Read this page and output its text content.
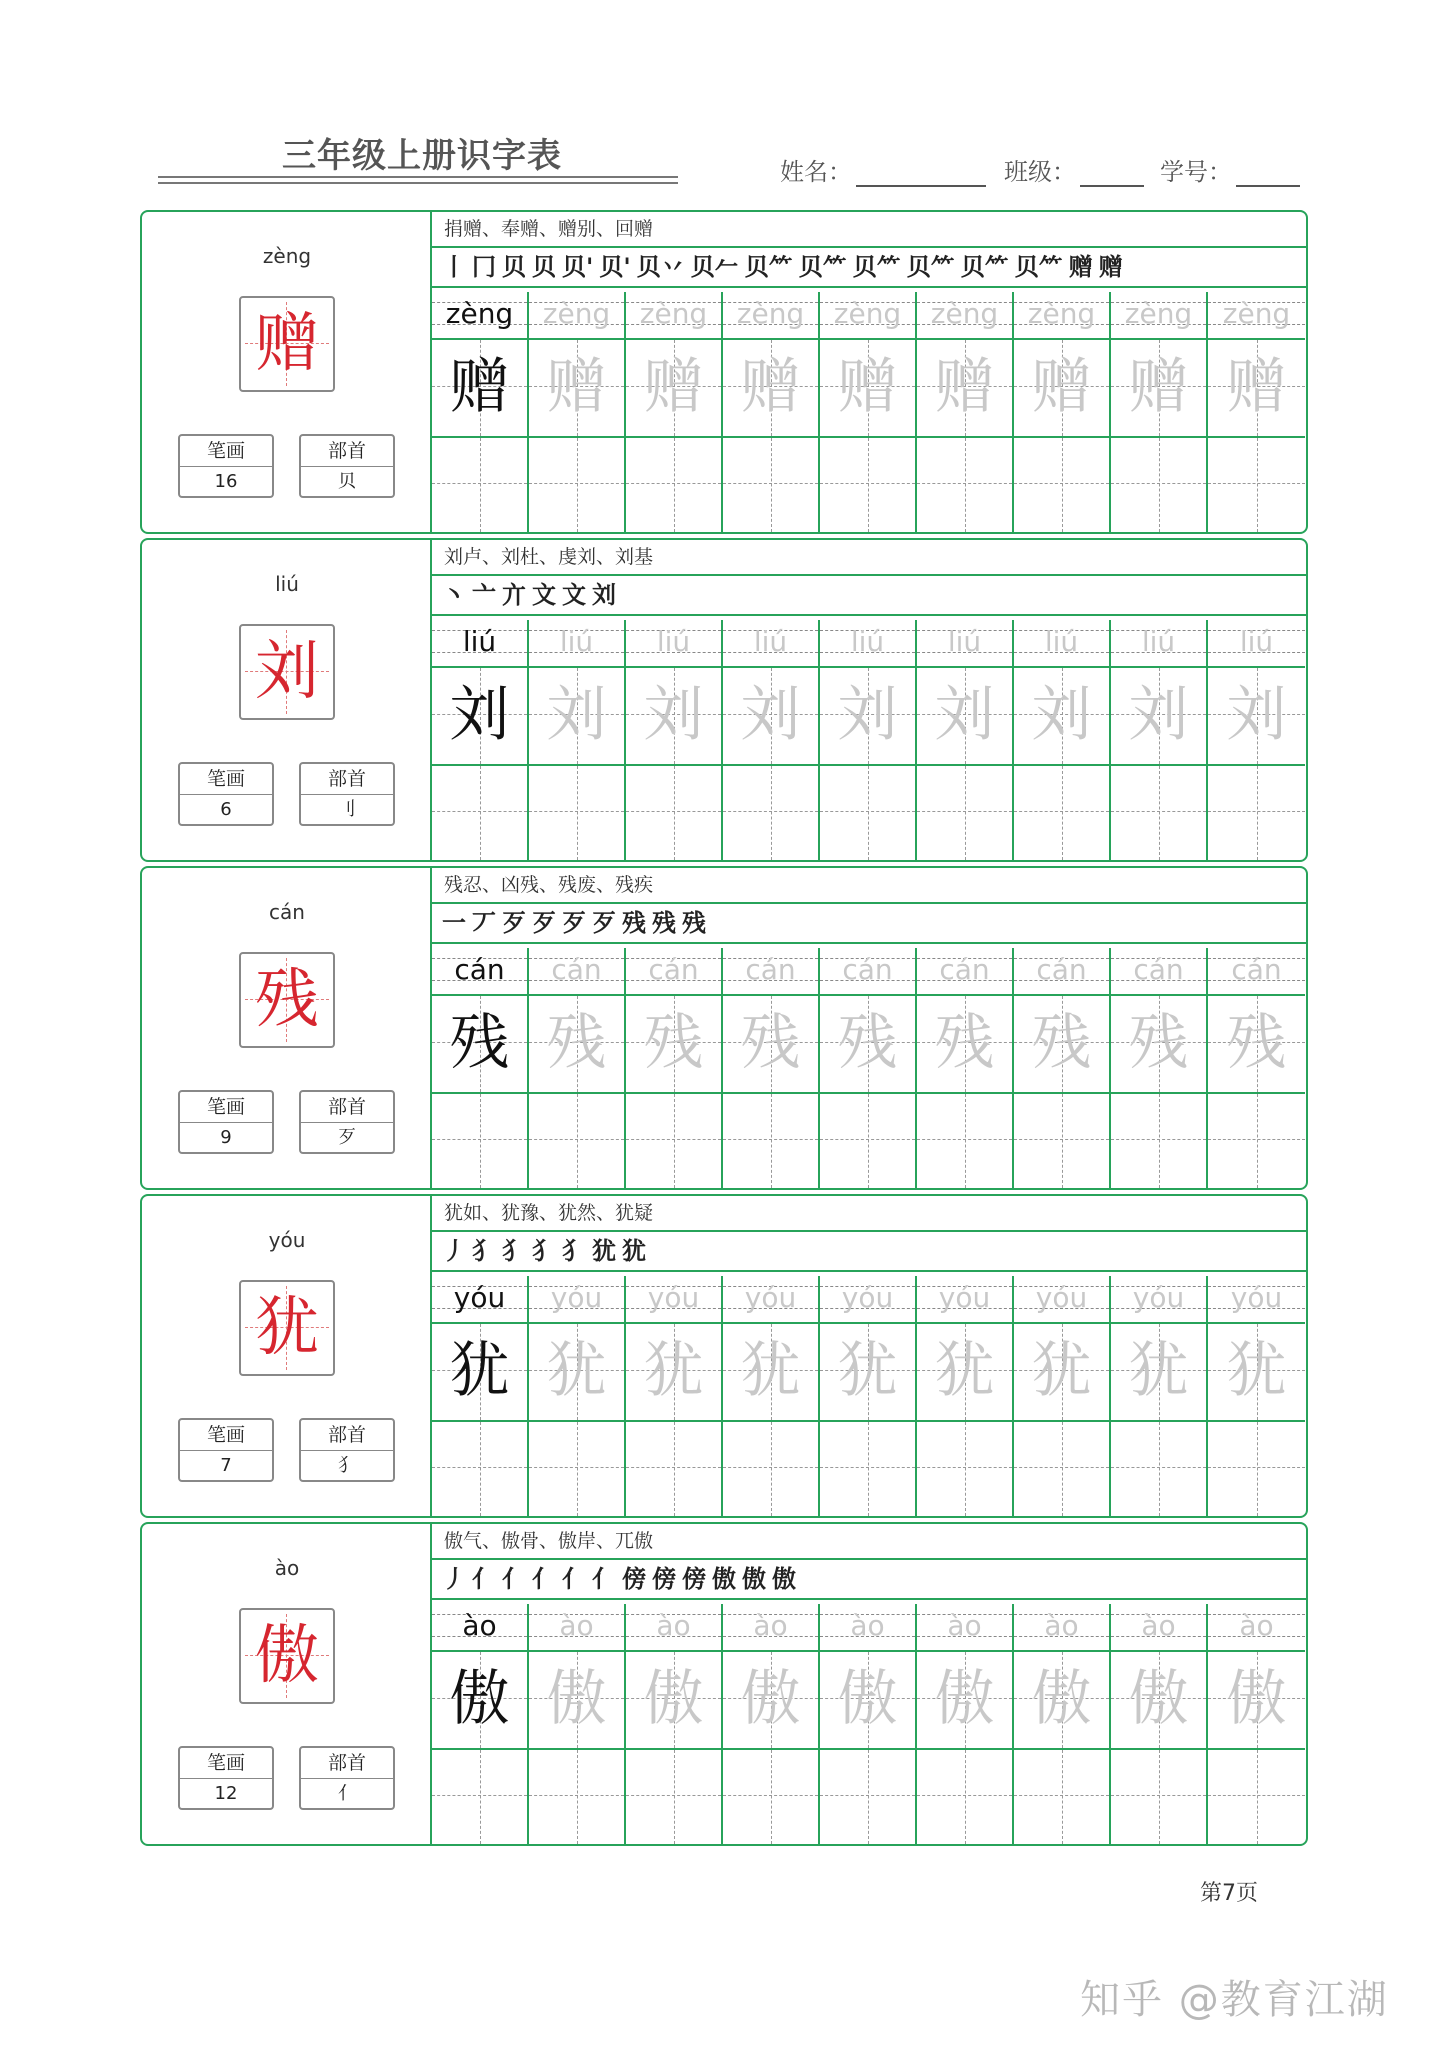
三年级上册识字表	姓名：	班级：	学号：
zèng
赠
笔画
16
部首
贝
捐赠、奉赠、赠别、回赠
丨 冂 贝 贝 贝' 贝' 贝丷 贝𠂉 贝⺮ 贝⺮ 贝⺮ 贝⺮ 贝⺮ 贝⺮ 赠 赠
zèng
赠
zèng
赠
zèng
赠
zèng
赠
zèng
赠
zèng
赠
zèng
赠
zèng
赠
zèng
赠
liú
刘
笔画
6
部首
刂
刘卢、刘杜、虔刘、刘基
丶 亠 亣 文 文 刘
liú
刘
liú
刘
liú
刘
liú
刘
liú
刘
liú
刘
liú
刘
liú
刘
liú
刘
cán
残
笔画
9
部首
歹
残忍、凶残、残废、残疾
一 丆 歹 歹 歹 歹 残 残 残
cán
残
cán
残
cán
残
cán
残
cán
残
cán
残
cán
残
cán
残
cán
残
yóu
犹
笔画
7
部首
犭
犹如、犹豫、犹然、犹疑
丿 犭 犭 犭 犭 犹 犹
yóu
犹
yóu
犹
yóu
犹
yóu
犹
yóu
犹
yóu
犹
yóu
犹
yóu
犹
yóu
犹
ào
傲
笔画
12
部首
亻
傲气、傲骨、傲岸、兀傲
丿 亻 亻 亻 亻 亻 傍 傍 傍 傲 傲 傲
ào
傲
ào
傲
ào
傲
ào
傲
ào
傲
ào
傲
ào
傲
ào
傲
ào
傲
第7页
知乎 @教育江湖
